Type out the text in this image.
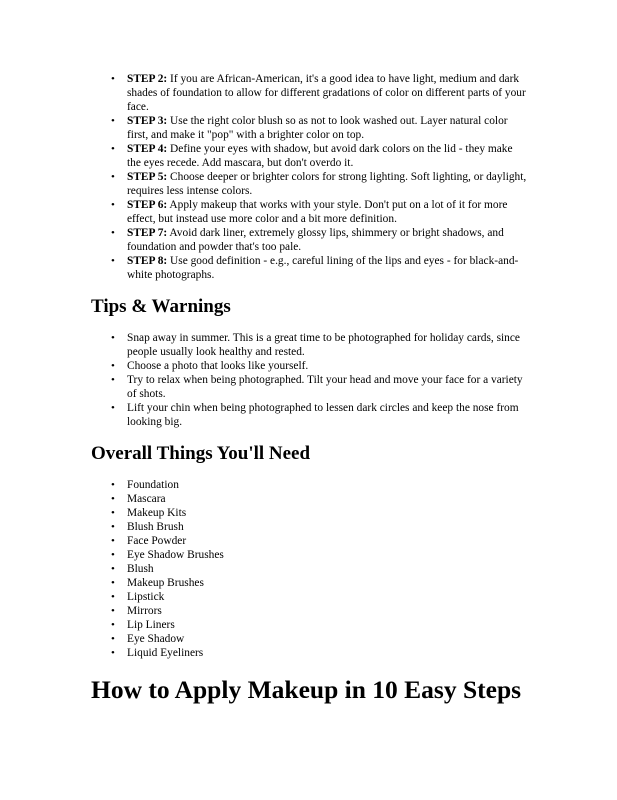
• STEP 2: If you are African-American, it's a good idea to have light, medium and dark shades of foundation to allow for different gradations of color on different parts of your face.
• STEP 3: Use the right color blush so as not to look washed out. Layer natural color first, and make it "pop" with a brighter color on top.
• STEP 4: Define your eyes with shadow, but avoid dark colors on the lid - they make the eyes recede. Add mascara, but don't overdo it.
• STEP 5: Choose deeper or brighter colors for strong lighting. Soft lighting, or daylight, requires less intense colors.
• STEP 6: Apply makeup that works with your style. Don't put on a lot of it for more effect, but instead use more color and a bit more definition.
• STEP 7: Avoid dark liner, extremely glossy lips, shimmery or bright shadows, and foundation and powder that's too pale.
• STEP 8: Use good definition - e.g., careful lining of the lips and eyes - for black-and-white photographs.
Tips & Warnings
• Snap away in summer. This is a great time to be photographed for holiday cards, since people usually look healthy and rested.
• Choose a photo that looks like yourself.
• Try to relax when being photographed. Tilt your head and move your face for a variety of shots.
• Lift your chin when being photographed to lessen dark circles and keep the nose from looking big.
Overall Things You'll Need
• Foundation
• Mascara
• Makeup Kits
• Blush Brush
• Face Powder
• Eye Shadow Brushes
• Blush
• Makeup Brushes
• Lipstick
• Mirrors
• Lip Liners
• Eye Shadow
• Liquid Eyeliners
How to Apply Makeup in 10 Easy Steps
